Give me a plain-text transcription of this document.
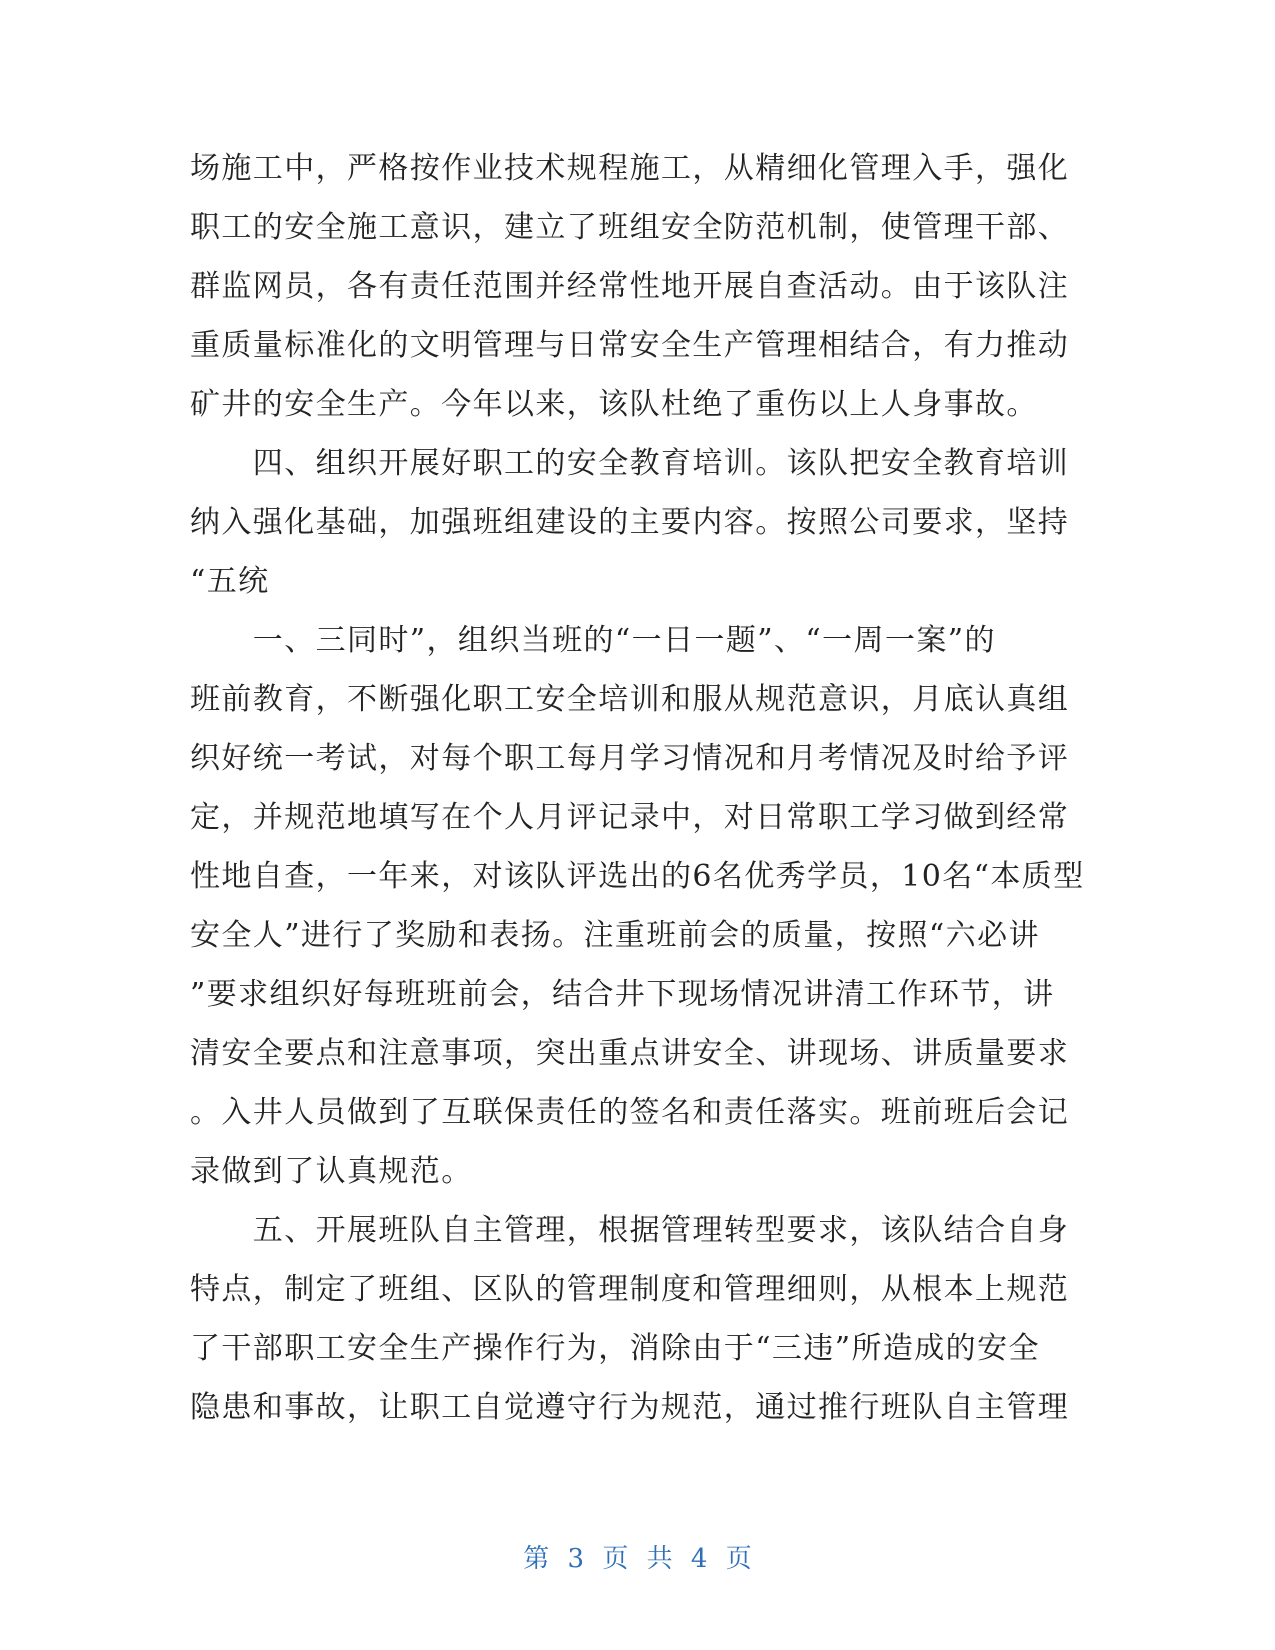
场施工中，严格按作业技术规程施工，从精细化管理入手，强化
职工的安全施工意识，建立了班组安全防范机制，使管理干部、
群监网员，各有责任范围并经常性地开展自查活动。由于该队注
重质量标准化的文明管理与日常安全生产管理相结合，有力推动
矿井的安全生产。今年以来，该队杜绝了重伤以上人身事故。
　　四、组织开展好职工的安全教育培训。该队把安全教育培训
纳入强化基础，加强班组建设的主要内容。按照公司要求，坚持
“五统
　　一、三同时”，组织当班的“一日一题”、“一周一案”的
班前教育，不断强化职工安全培训和服从规范意识，月底认真组
织好统一考试，对每个职工每月学习情况和月考情况及时给予评
定，并规范地填写在个人月评记录中，对日常职工学习做到经常
性地自查，一年来，对该队评选出的6名优秀学员，10名“本质型
安全人”进行了奖励和表扬。注重班前会的质量，按照“六必讲
”要求组织好每班班前会，结合井下现场情况讲清工作环节，讲
清安全要点和注意事项，突出重点讲安全、讲现场、讲质量要求
。入井人员做到了互联保责任的签名和责任落实。班前班后会记
录做到了认真规范。
　　五、开展班队自主管理，根据管理转型要求，该队结合自身
特点，制定了班组、区队的管理制度和管理细则，从根本上规范
了干部职工安全生产操作行为，消除由于“三违”所造成的安全
隐患和事故，让职工自觉遵守行为规范，通过推行班队自主管理
第 3 页 共 4 页
